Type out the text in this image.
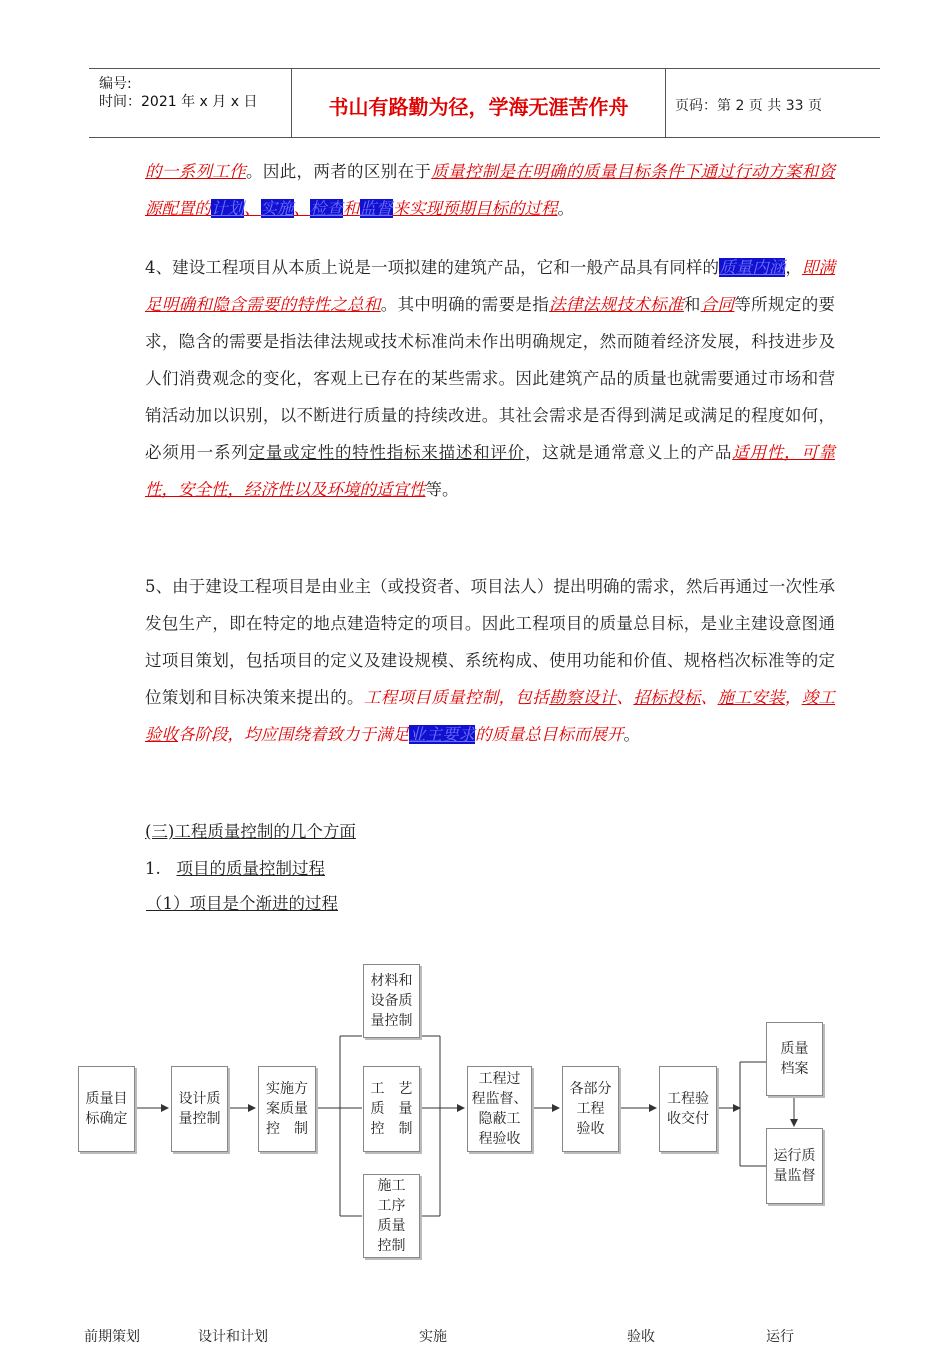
编号:
时间：2021 年 x 月 x 日	书山有路勤为径，学海无涯苦作舟	页码：第 2 页 共 33 页
的一系列工作。因此，两者的区别在于质量控制是在明确的质量目标条件下通过行动方案和资源配置的计划、实施、检查和监督来实现预期目标的过程。
4、建设工程项目从本质上说是一项拟建的建筑产品，它和一般产品具有同样的质量内涵，即满足明确和隐含需要的特性之总和。其中明确的需要是指法律法规技术标准和合同等所规定的要求，隐含的需要是指法律法规或技术标准尚未作出明确规定，然而随着经济发展，科技进步及人们消费观念的变化，客观上已存在的某些需求。因此建筑产品的质量也就需要通过市场和营销活动加以识别，以不断进行质量的持续改进。其社会需求是否得到满足或满足的程度如何，必须用一系列定量或定性的特性指标来描述和评价，这就是通常意义上的产品适用性，可靠性，安全性，经济性以及环境的适宜性等。
5、由于建设工程项目是由业主（或投资者、项目法人）提出明确的需求，然后再通过一次性承发包生产，即在特定的地点建造特定的项目。因此工程项目的质量总目标，是业主建设意图通过项目策划，包括项目的定义及建设规模、系统构成、使用功能和价值、规格档次标准等的定位策划和目标决策来提出的。工程项目质量控制，包括勘察设计、招标投标、施工安装，竣工验收各阶段，均应围绕着致力于满足业主要求的质量总目标而展开。
(三)工程质量控制的几个方面
1. 项目的质量控制过程
（1）项目是个渐进的过程
质量目
标确定
设计质
量控制
实施方
案质量
控　制
材料和
设备质
量控制
工　艺
质　量
控　制
施工
工序
质量
控制
工程过
程监督、
隐蔽工
程验收
各部分
工程
验收
工程验
收交付
质量
档案
运行质
量监督
前期策划	设计和计划	实施	验收	运行
